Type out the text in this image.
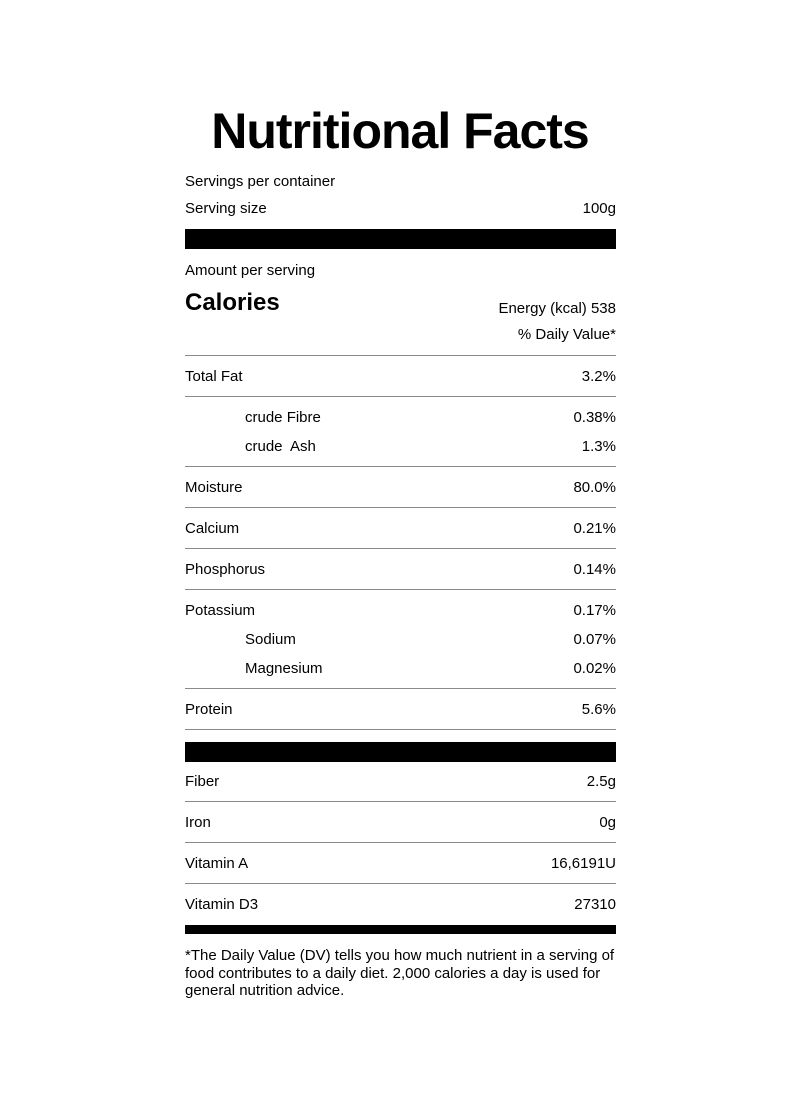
Nutritional Facts
Servings per container
Serving size	100g
Amount per serving
Calories	Energy (kcal) 538
% Daily Value*
Total Fat	3.2%
crude Fibre	0.38%
crude  Ash	1.3%
Moisture	80.0%
Calcium	0.21%
Phosphorus	0.14%
Potassium	0.17%
Sodium	0.07%
Magnesium	0.02%
Protein	5.6%
Fiber	2.5g
Iron	0g
Vitamin A	16,6191U
Vitamin D3	27310
*The Daily Value (DV) tells you how much nutrient in a serving of food contributes to a daily diet. 2,000 calories a day is used for general nutrition advice.
